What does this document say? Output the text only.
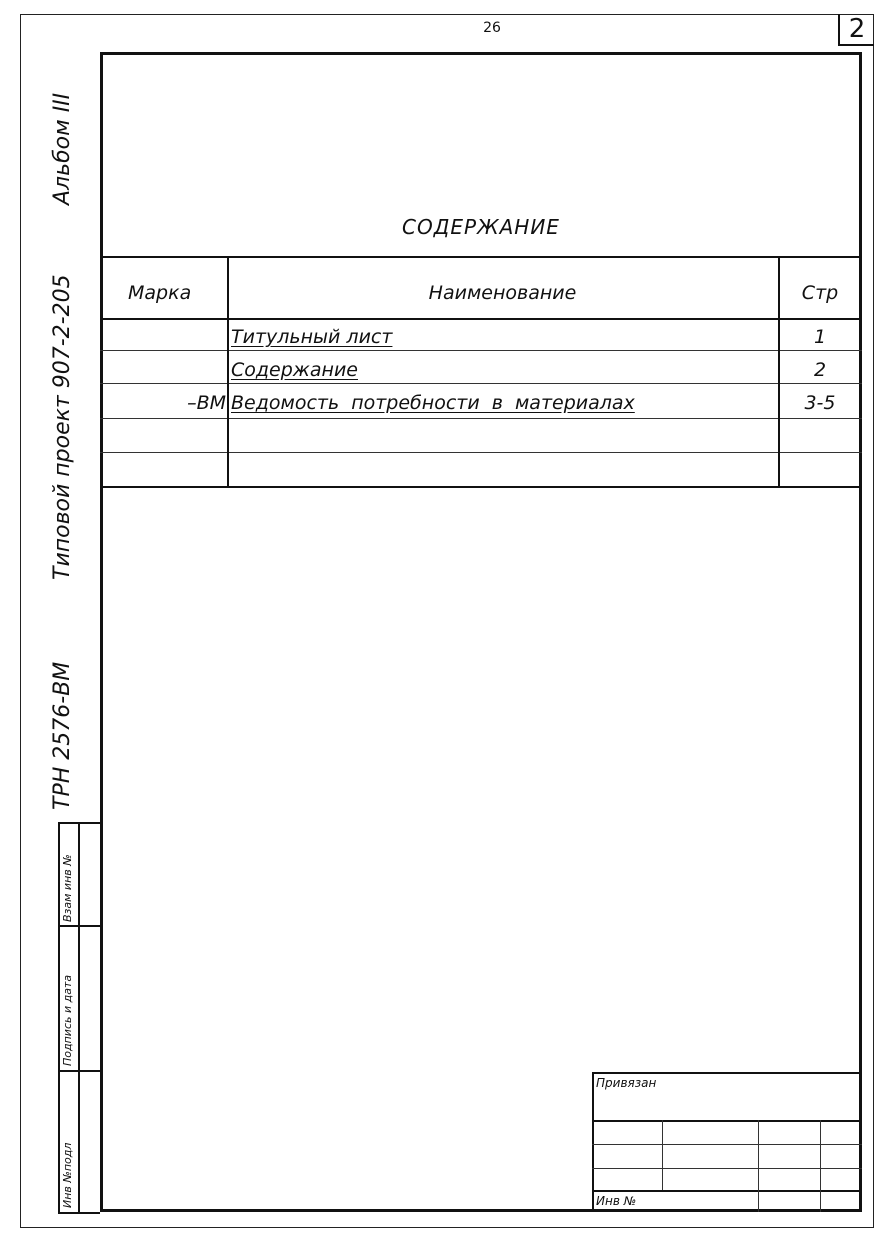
26	2
СОДЕРЖАНИЕ
Марка	Наименование	Стр
Титульный лист	1
Содержание	2
–ВМ Ведомость потребности в материалах	3-5
Альбом III
Типовой проект 907-2-205
ТРН 2576-ВМ
Взам инв №
Подпись и дата
Инв №подл
Привязан
Инв №
